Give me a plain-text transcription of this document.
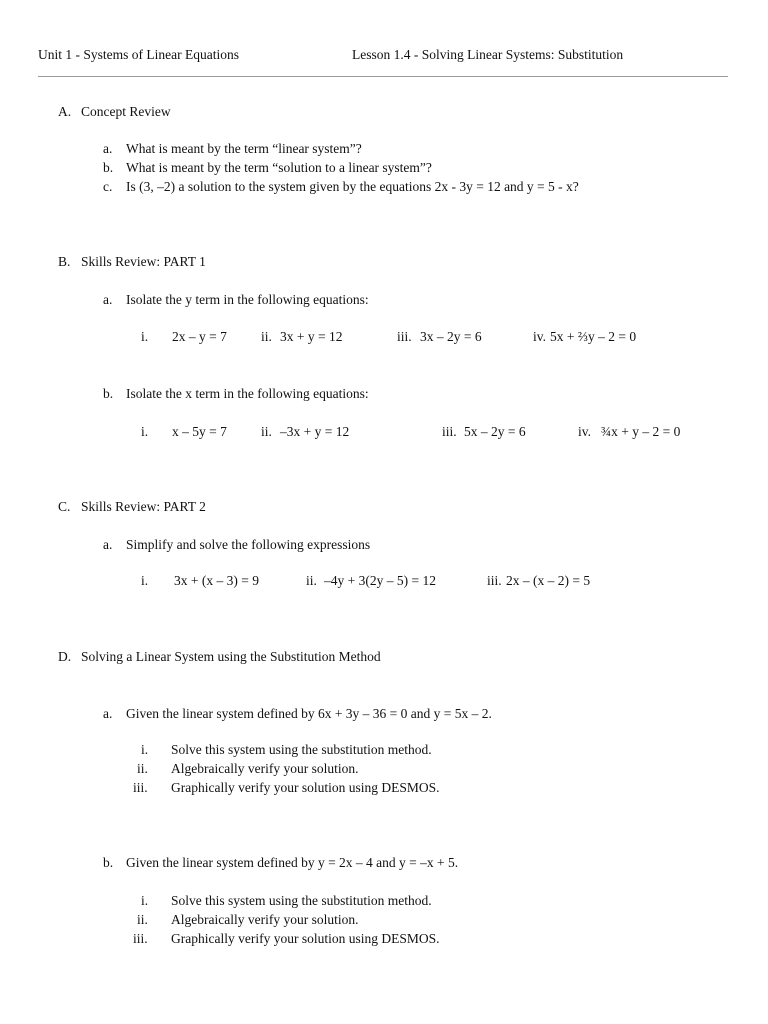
Unit 1 - Systems of Linear Equations	Lesson 1.4 - Solving Linear Systems: Substitution
A. Concept Review
a. What is meant by the term “linear system”?
b. What is meant by the term “solution to a linear system”?
c. Is (3, –2) a solution to the system given by the equations 2x - 3y = 12 and y = 5 - x?
B. Skills Review: PART 1
a. Isolate the y term in the following equations:
i. 2x – y = 7	ii. 3x + y = 12	iii. 3x – 2y = 6	iv. 5x + ⅔y – 2 = 0
b. Isolate the x term in the following equations:
i. x – 5y = 7	ii. –3x + y = 12	iii. 5x – 2y = 6	iv. ¾x + y – 2 = 0
C. Skills Review: PART 2
a. Simplify and solve the following expressions
i. 3x + (x – 3) = 9	ii. –4y + 3(2y – 5) = 12	iii. 2x – (x – 2) = 5
D. Solving a Linear System using the Substitution Method
a. Given the linear system defined by 6x + 3y – 36 = 0 and y = 5x – 2.
i. Solve this system using the substitution method.
ii. Algebraically verify your solution.
iii. Graphically verify your solution using DESMOS.
b. Given the linear system defined by y = 2x – 4 and y = –x + 5.
i. Solve this system using the substitution method.
ii. Algebraically verify your solution.
iii. Graphically verify your solution using DESMOS.
